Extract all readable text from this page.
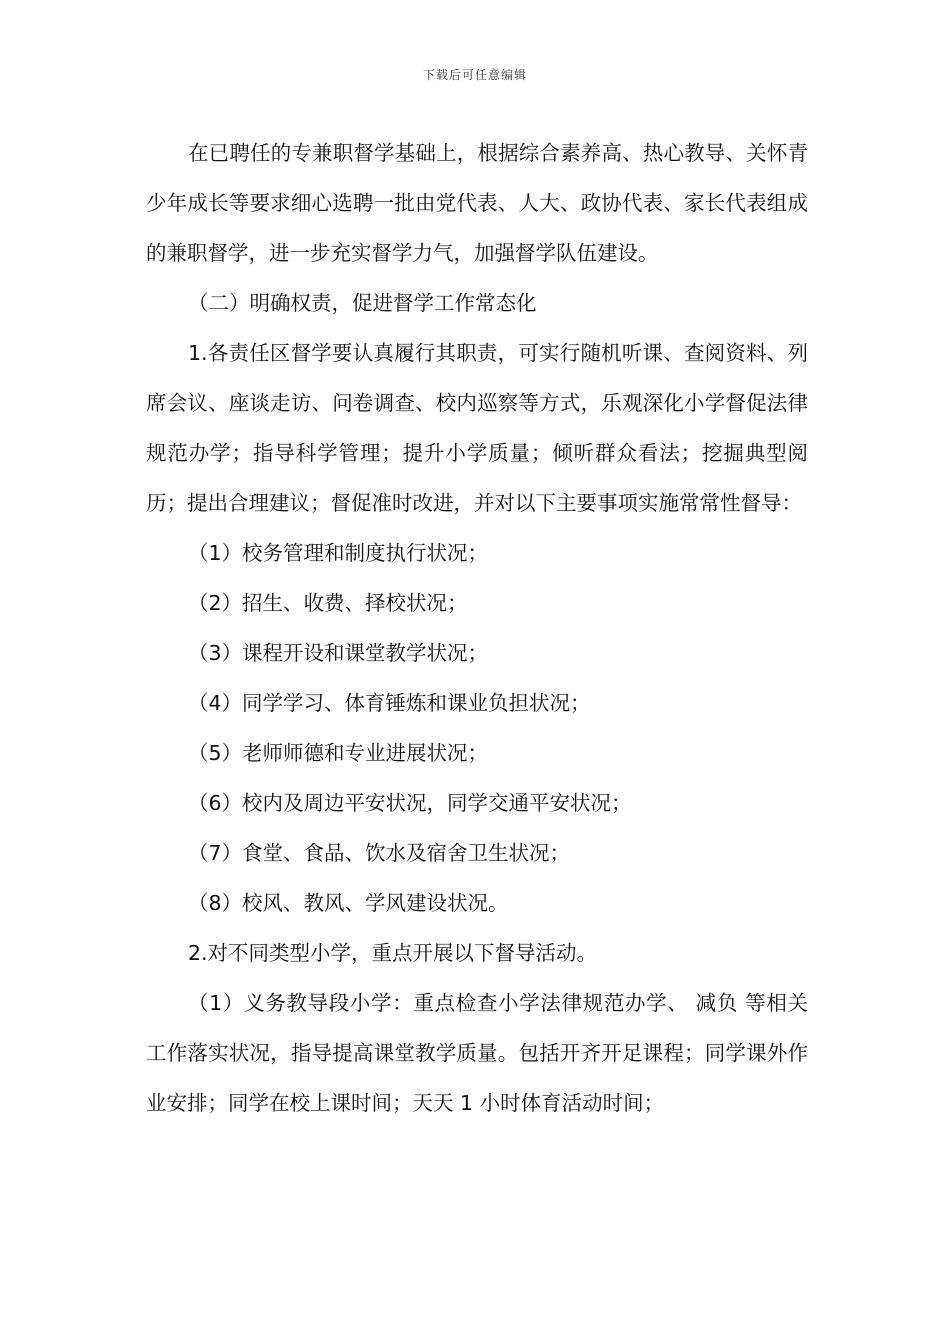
下载后可任意编辑

在已聘任的专兼职督学基础上，根据综合素养高、热心教导、关怀青少年成长等要求细心选聘一批由党代表、人大、政协代表、家长代表组成的兼职督学，进一步充实督学力气，加强督学队伍建设。

（二）明确权责，促进督学工作常态化

1.各责任区督学要认真履行其职责，可实行随机听课、查阅资料、列席会议、座谈走访、问卷调查、校内巡察等方式，乐观深化小学督促法律规范办学；指导科学管理；提升小学质量；倾听群众看法；挖掘典型阅历；提出合理建议；督促准时改进，并对以下主要事项实施常常性督导：

（1）校务管理和制度执行状况；

（2）招生、收费、择校状况；

（3）课程开设和课堂教学状况；

（4）同学学习、体育锤炼和课业负担状况；

（5）老师师德和专业进展状况；

（6）校内及周边平安状况，同学交通平安状况；

（7）食堂、食品、饮水及宿舍卫生状况；

（8）校风、教风、学风建设状况。

2.对不同类型小学，重点开展以下督导活动。

（1）义务教导段小学：重点检查小学法律规范办学、 减负 等相关工作落实状况，指导提高课堂教学质量。包括开齐开足课程；同学课外作业安排；同学在校上课时间；天天 1 小时体育活动时间；
